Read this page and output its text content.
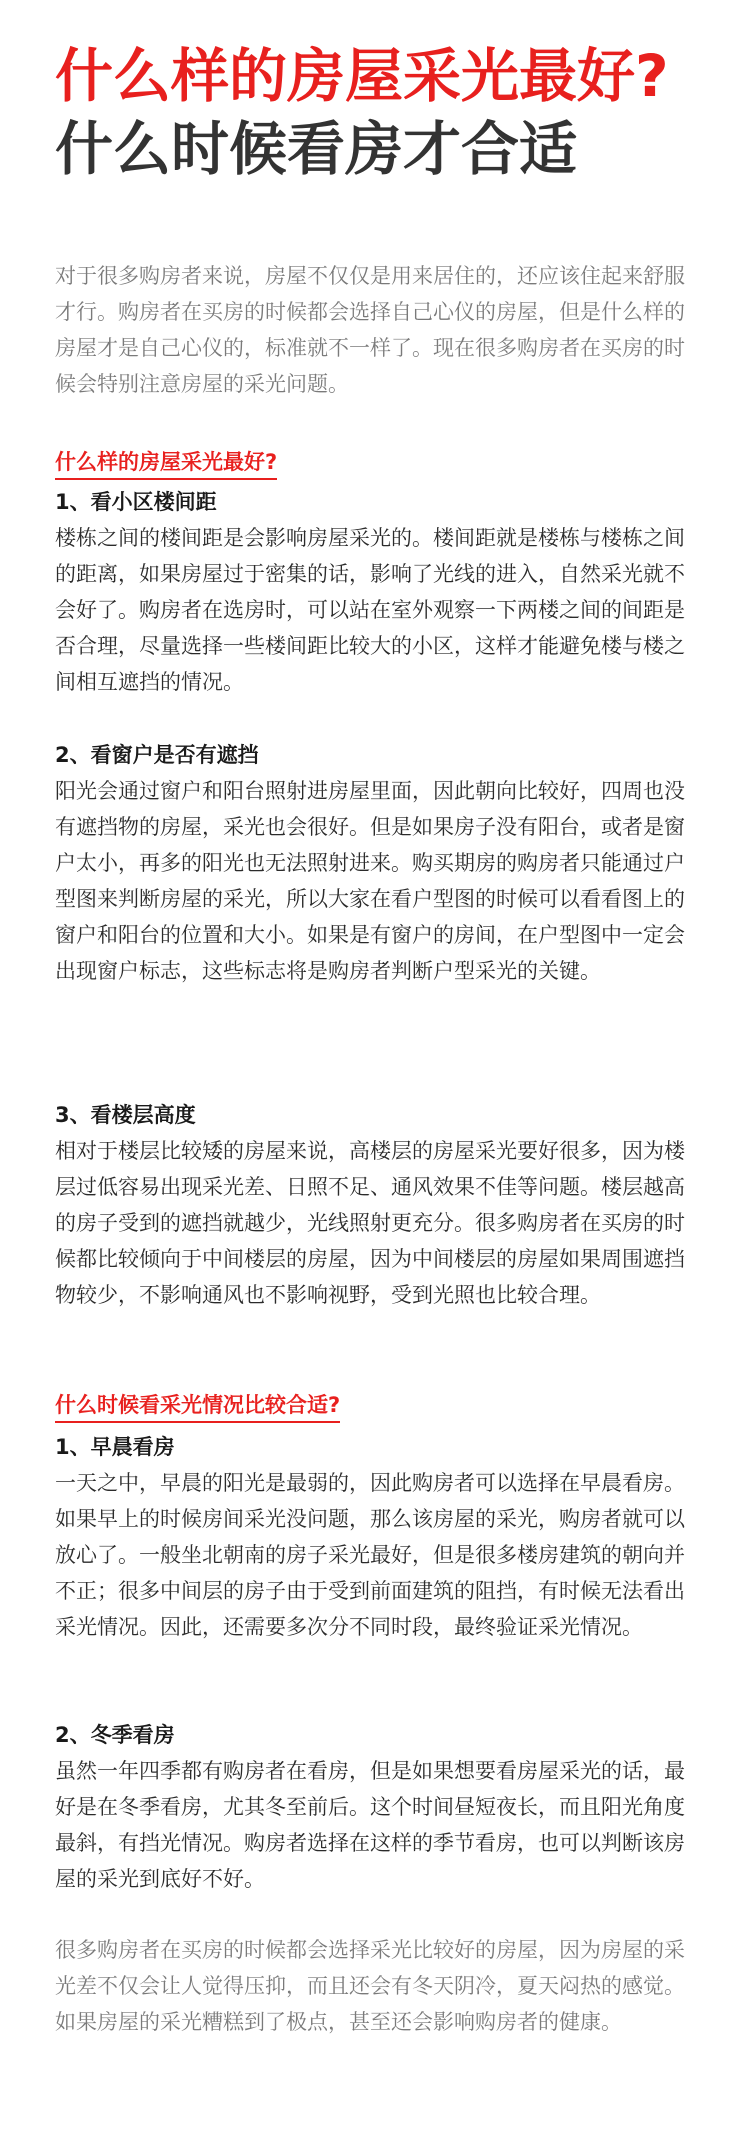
什么样的房屋采光最好?
什么时候看房才合适

对于很多购房者来说，房屋不仅仅是用来居住的，还应该住起来舒服才行。购房者在买房的时候都会选择自己心仪的房屋，但是什么样的房屋才是自己心仪的，标准就不一样了。现在很多购房者在买房的时候会特别注意房屋的采光问题。

什么样的房屋采光最好?
1、看小区楼间距

楼栋之间的楼间距是会影响房屋采光的。楼间距就是楼栋与楼栋之间的距离，如果房屋过于密集的话，影响了光线的进入，自然采光就不会好了。购房者在选房时，可以站在室外观察一下两楼之间的间距是否合理，尽量选择一些楼间距比较大的小区，这样才能避免楼与楼之间相互遮挡的情况。

2、看窗户是否有遮挡

阳光会通过窗户和阳台照射进房屋里面，因此朝向比较好，四周也没有遮挡物的房屋，采光也会很好。但是如果房子没有阳台，或者是窗户太小，再多的阳光也无法照射进来。购买期房的购房者只能通过户型图来判断房屋的采光，所以大家在看户型图的时候可以看看图上的窗户和阳台的位置和大小。如果是有窗户的房间，在户型图中一定会出现窗户标志，这些标志将是购房者判断户型采光的关键。

3、看楼层高度

相对于楼层比较矮的房屋来说，高楼层的房屋采光要好很多，因为楼层过低容易出现采光差、日照不足、通风效果不佳等问题。楼层越高的房子受到的遮挡就越少，光线照射更充分。很多购房者在买房的时候都比较倾向于中间楼层的房屋，因为中间楼层的房屋如果周围遮挡物较少，不影响通风也不影响视野，受到光照也比较合理。

什么时候看采光情况比较合适?
1、早晨看房

一天之中，早晨的阳光是最弱的，因此购房者可以选择在早晨看房。如果早上的时候房间采光没问题，那么该房屋的采光，购房者就可以放心了。一般坐北朝南的房子采光最好，但是很多楼房建筑的朝向并不正；很多中间层的房子由于受到前面建筑的阻挡，有时候无法看出采光情况。因此，还需要多次分不同时段，最终验证采光情况。

2、冬季看房

虽然一年四季都有购房者在看房，但是如果想要看房屋采光的话，最好是在冬季看房，尤其冬至前后。这个时间昼短夜长，而且阳光角度最斜，有挡光情况。购房者选择在这样的季节看房，也可以判断该房屋的采光到底好不好。

很多购房者在买房的时候都会选择采光比较好的房屋，因为房屋的采光差不仅会让人觉得压抑，而且还会有冬天阴冷，夏天闷热的感觉。如果房屋的采光糟糕到了极点，甚至还会影响购房者的健康。
